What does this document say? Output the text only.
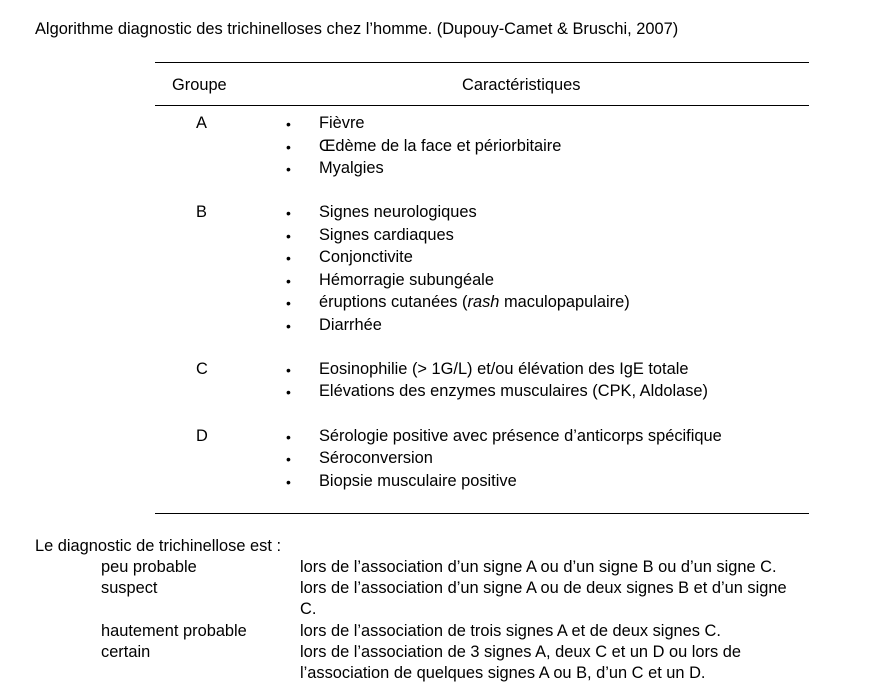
Algorithme diagnostic des trichinelloses chez l’homme. (Dupouy-Camet & Bruschi, 2007)
Groupe	Caractéristiques
A	• Fièvre
• Œdème de la face et périorbitaire
• Myalgies
B	• Signes neurologiques
• Signes cardiaques
• Conjonctivite
• Hémorragie subungéale
• éruptions cutanées (rash maculopapulaire)
• Diarrhée
C	• Eosinophilie (> 1G/L) et/ou élévation des IgE totale
• Elévations des enzymes musculaires (CPK, Aldolase)
D	• Sérologie positive avec présence d’anticorps spécifique
• Séroconversion
• Biopsie musculaire positive
Le diagnostic de trichinellose est :
peu probable	lors de l’association d’un signe A ou d’un signe B ou d’un signe C.
suspect	lors de l’association d’un signe A ou de deux signes B et d’un signe
C.
hautement probable	lors de l’association de trois signes A et de deux signes C.
certain	lors de l’association de 3 signes A, deux C et un D ou lors de
l’association de quelques signes A ou B, d’un C et un D.
